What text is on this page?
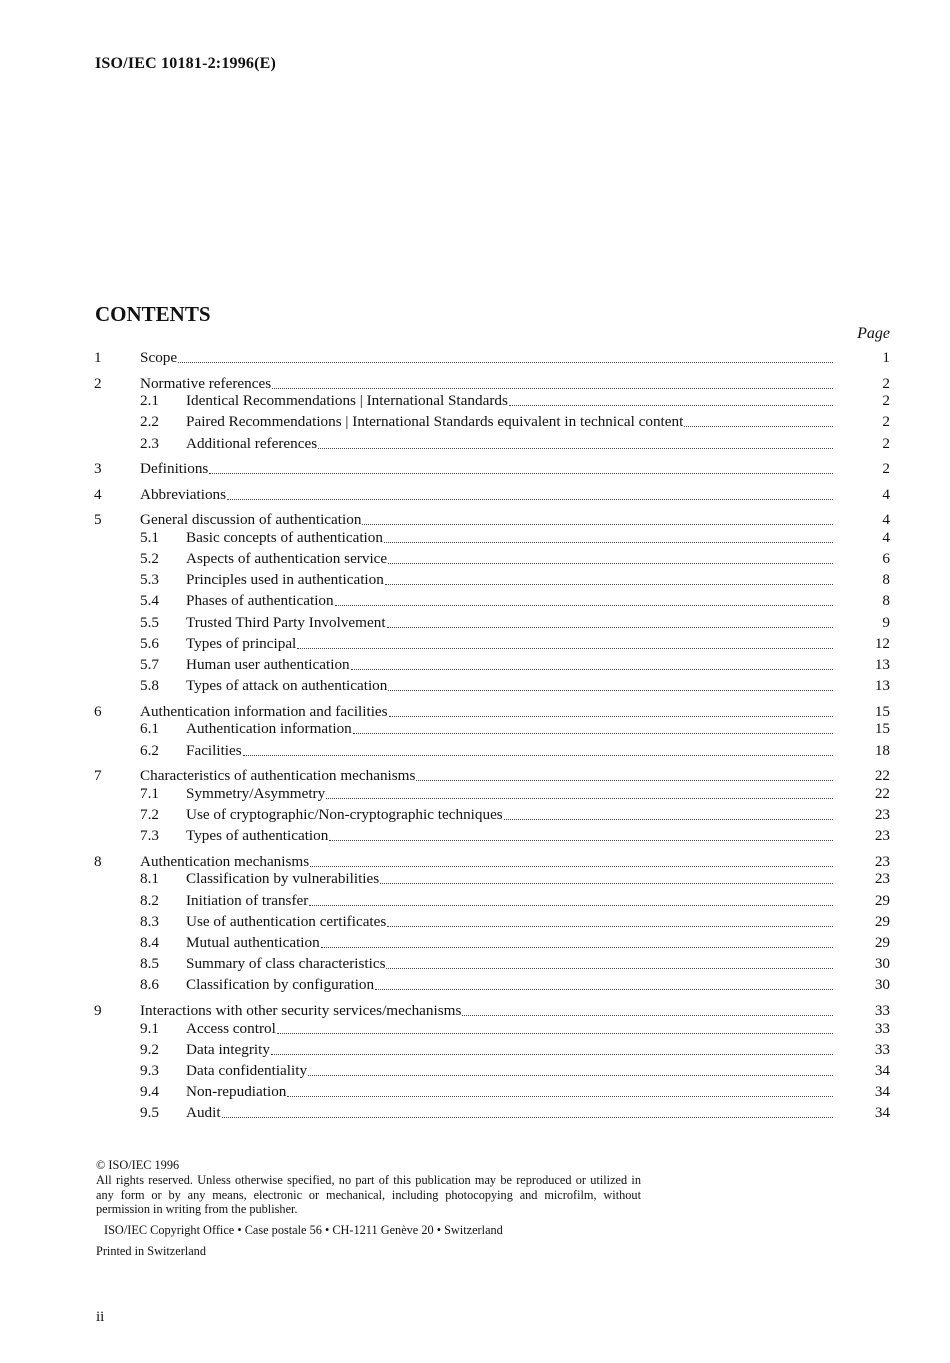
ISO/IEC 10181-2:1996(E)
CONTENTS
Page
1	Scope	1
2	Normative references	2
2.1 Identical Recommendations | International Standards	2
2.2 Paired Recommendations | International Standards equivalent in technical content	2
2.3 Additional references	2
3	Definitions	2
4	Abbreviations	4
5	General discussion of authentication	4
5.1 Basic concepts of authentication	4
5.2 Aspects of authentication service	6
5.3 Principles used in authentication	8
5.4 Phases of authentication	8
5.5 Trusted Third Party Involvement	9
5.6 Types of principal	12
5.7 Human user authentication	13
5.8 Types of attack on authentication	13
6	Authentication information and facilities	15
6.1 Authentication information	15
6.2 Facilities	18
7	Characteristics of authentication mechanisms	22
7.1 Symmetry/Asymmetry	22
7.2 Use of cryptographic/Non-cryptographic techniques	23
7.3 Types of authentication	23
8	Authentication mechanisms	23
8.1 Classification by vulnerabilities	23
8.2 Initiation of transfer	29
8.3 Use of authentication certificates	29
8.4 Mutual authentication	29
8.5 Summary of class characteristics	30
8.6 Classification by configuration	30
9	Interactions with other security services/mechanisms	33
9.1 Access control	33
9.2 Data integrity	33
9.3 Data confidentiality	34
9.4 Non-repudiation	34
9.5 Audit	34
© ISO/IEC 1996
All rights reserved. Unless otherwise specified, no part of this publication may be reproduced or utilized in any form or by any means, electronic or mechanical, including photocopying and microfilm, without permission in writing from the publisher.
ISO/IEC Copyright Office • Case postale 56 • CH-1211 Genève 20 • Switzerland
Printed in Switzerland
ii
